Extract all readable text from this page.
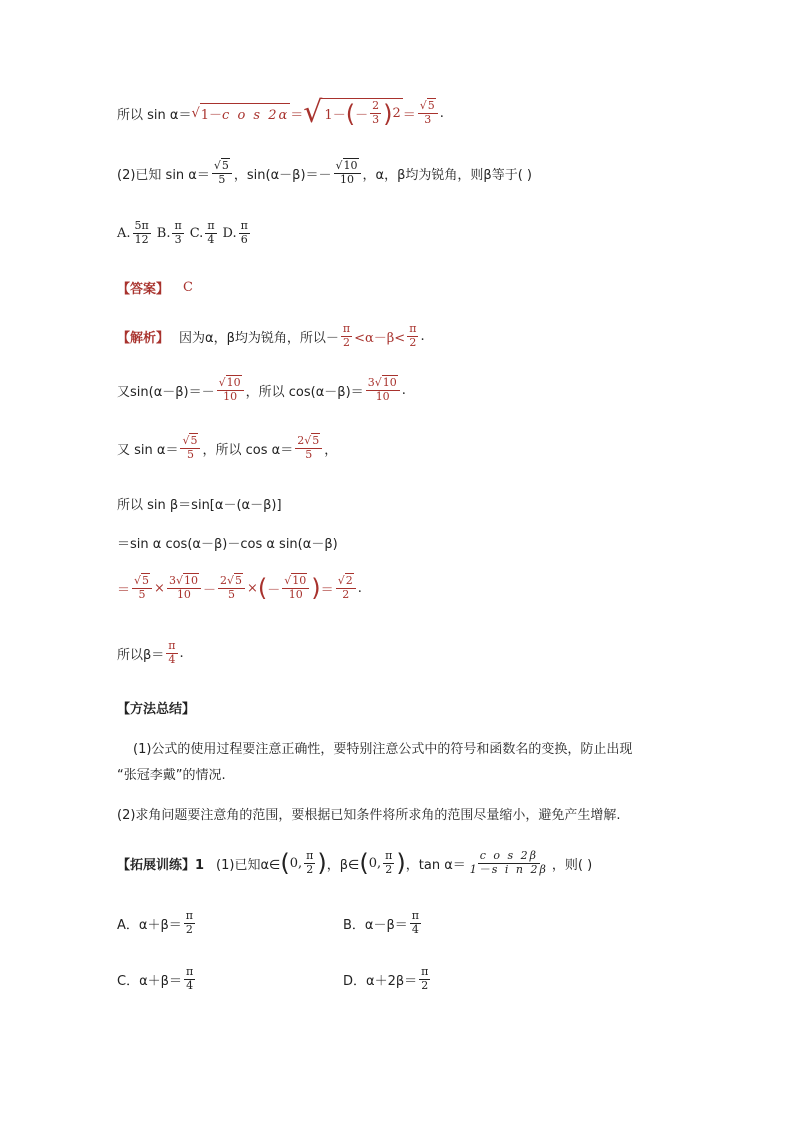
所以 sin α＝ √ 1－c o s 2α ＝ √ 1－ ( － $\frac{2}{3}$ ) $2 = \frac{√5}{3}$ .
(2)已知 $\sin \alpha= \frac{√5}{5}$ ，$\sin(\alpha-\beta)=- \frac{√10}{10}$ ，α，β均为锐角，则β等于( )
A. $\frac{5\pi}{12} B$. $\frac{\pi}{3} C$. $\frac{\pi}{4} D$. $\frac{\pi}{6}$
【答案】 C
【解析】 因为α，β均为锐角，所以－ $\frac{\pi}{2} <\alpha-\beta< \frac{\pi}{2}$ .
又$\sin(\alpha-\beta)=- \frac{√10}{10}$ ，所以 $\cos(\alpha-\beta)= \frac{3√10}{10}$ .
又 $\sin \alpha= \frac{√5}{5}$ ，所以 $\cos \alpha= \frac{2√5}{5}$ ，
所以 sin β＝sin[α－(α－β)]
＝sin α cos(α－β)－cos α sin(α－β)
＝ $\frac{√5}{5} \times \frac{3√10}{10} - \frac{2√5}{5}$ × ( － $\frac{√10}{10}$ ) ＝ $\frac{√2}{2}$ .
所以$\beta= \frac{\pi}{4}$ .
【方法总结】
(1)公式的使用过程要注意正确性，要特别注意公式中的符号和函数名的变换，防止出现
“张冠李戴”的情况.
(2)求角问题要注意角的范围，要根据已知条件将所求角的范围尽量缩小，避免产生增解.
【拓展训练】1 (1)已知α∈ ( 0, $\frac{\pi}{2}$ ) ，β∈ ( 0, $\frac{\pi}{2}$ ) ，$\tan \alpha= \frac{\text{c o s 2β}}{\text{1－s i n 2β}}$ ，则( )
A．$\alpha+\beta= \frac{\pi}{2}$	B．$\alpha-\beta= \frac{\pi}{4}$
C．$\alpha+\beta= \frac{\pi}{4}$	D．$\alpha+2\beta= \frac{\pi}{2}$
